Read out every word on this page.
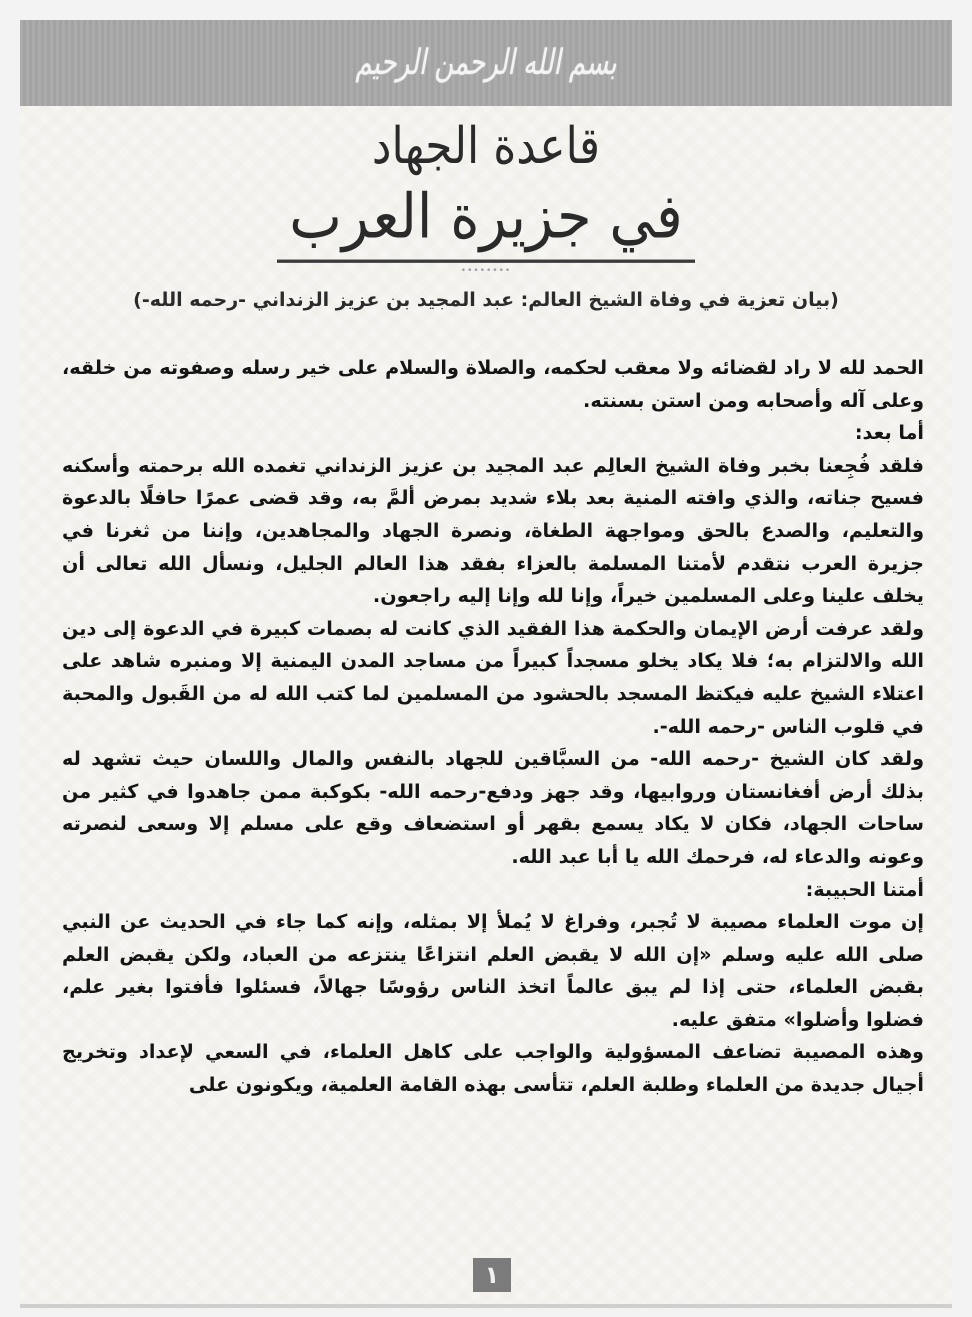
بسم الله الرحمن الرحيم
قاعدة الجهاد
في جزيرة العرب
••••••••
(بيان تعزية في وفاة الشيخ العالم: عبد المجيد بن عزيز الزنداني -رحمه الله-)

الحمد لله لا راد لقضائه ولا معقب لحكمه، والصلاة والسلام على خير رسله وصفوته من خلقه، وعلى آله وأصحابه ومن استن بسنته.

أما بعد:

فلقد فُجِعنا بخبر وفاة الشيخ العالِم عبد المجيد بن عزيز الزنداني تغمده الله برحمته وأسكنه فسيح جناته، والذي وافته المنية بعد بلاء شديد بمرض ألمَّ به، وقد قضى عمرًا حافلًا بالدعوة والتعليم، والصدع بالحق ومواجهة الطغاة، ونصرة الجهاد والمجاهدين، وإننا من ثغرنا في جزيرة العرب نتقدم لأمتنا المسلمة بالعزاء بفقد هذا العالم الجليل، ونسأل الله تعالى أن يخلف علينا وعلى المسلمين خيراً، وإنا لله وإنا إليه راجعون.

ولقد عرفت أرض الإيمان والحكمة هذا الفقيد الذي كانت له بصمات كبيرة في الدعوة إلى دين الله والالتزام به؛ فلا يكاد يخلو مسجداً كبيراً من مساجد المدن اليمنية إلا ومنبره شاهد على اعتلاء الشيخ عليه فيكتظ المسجد بالحشود من المسلمين لما كتب الله له من القَبول والمحبة في قلوب الناس -رحمه الله-.

ولقد كان الشيخ -رحمه الله- من السبَّاقين للجهاد بالنفس والمال واللسان حيث تشهد له بذلك أرض أفغانستان وروابيها، وقد جهز ودفع-رحمه الله- بكوكبة ممن جاهدوا في كثير من ساحات الجهاد، فكان لا يكاد يسمع بقهر أو استضعاف وقع على مسلم إلا وسعى لنصرته وعونه والدعاء له، فرحمك الله يا أبا عبد الله.

أمتنا الحبيبة:

إن موت العلماء مصيبة لا تُجبر، وفراغ لا يُملأ إلا بمثله، وإنه كما جاء في الحديث عن النبي صلى الله عليه وسلم «إن الله لا يقبض العلم انتزاعًا ينتزعه من العباد، ولكن يقبض العلم بقبض العلماء، حتى إذا لم يبق عالماً اتخذ الناس رؤوسًا جهالاً، فسئلوا فأفتوا بغير علم، فضلوا وأضلوا» متفق عليه.

وهذه المصيبة تضاعف المسؤولية والواجب على كاهل العلماء، في السعي لإعداد وتخريج أجيال جديدة من العلماء وطلبة العلم، تتأسى بهذه القامة العلمية، ويكونون على

١
